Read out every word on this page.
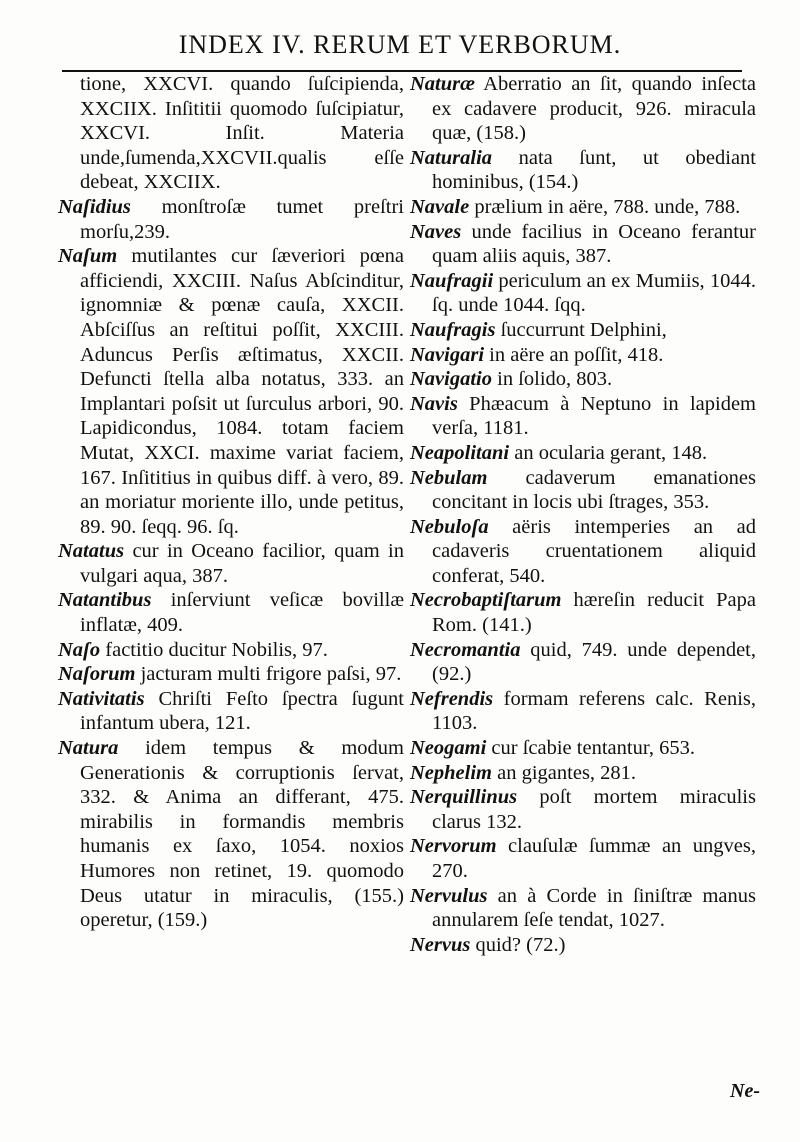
INDEX IV. RERUM ET VERBORUM.
tione, XXCVI. quando ſuſcipienda, XXCIIX. Inſititii quomodo ſuſcipiatur, XXCVI. Inſit. Materia unde,ſumenda,XXCVII.qualis eſſe debeat, XXCIIX.
Naſidius monſtroſæ tumet preſtri morſu,239.
Naſum mutilantes cur ſæveriori pœna afficiendi, XXCIII. Naſus Abſcinditur, ignomniæ & pœnæ cauſa, XXCII. Abſciſſus an reſtitui poſſit, XXCIII. Aduncus Perſis æſtimatus, XXCII. Defuncti ſtella alba notatus, 333. an Implantari poſsit ut ſurculus arbori, 90. Lapidicondus, 1084. totam faciem Mutat, XXCI. maxime variat faciem, 167. Inſititius in quibus diff. à vero, 89. an moriatur moriente illo, unde petitus, 89. 90. ſeqq. 96. ſq.
Natatus cur in Oceano facilior, quam in vulgari aqua, 387.
Natantibus inſerviunt veſicæ bovillæ inflatæ, 409.
Naſo factitio ducitur Nobilis, 97.
Naſorum jacturam multi frigore paſsi, 97.
Nativitatis Chriſti Feſto ſpectra ſugunt infantum ubera, 121.
Natura idem tempus & modum Generationis & corruptionis ſervat, 332. & Anima an differant, 475. mirabilis in formandis membris humanis ex ſaxo, 1054. noxios Humores non retinet, 19. quomodo Deus utatur in miraculis, (155.) operetur, (159.)
Naturæ Aberratio an ſit, quando inſecta ex cadavere producit, 926. miracula quæ, (158.)
Naturalia nata ſunt, ut obediant hominibus, (154.)
Navale prælium in aëre, 788. unde, 788.
Naves unde facilius in Oceano ferantur quam aliis aquis, 387.
Naufragii periculum an ex Mumiis, 1044. ſq. unde 1044. ſqq.
Naufragis ſuccurrunt Delphini,
Navigari in aëre an poſſit, 418.
Navigatio in ſolido, 803.
Navis Phæacum à Neptuno in lapidem verſa, 1181.
Neapolitani an ocularia gerant, 148.
Nebulam cadaverum emanationes concitant in locis ubi ſtrages, 353.
Nebuloſa aëris intemperies an ad cadaveris cruentationem aliquid conferat, 540.
Necrobaptiſtarum hæreſin reducit Papa Rom. (141.)
Necromantia quid, 749. unde dependet, (92.)
Nefrendis formam referens calc. Renis, 1103.
Neogami cur ſcabie tentantur, 653.
Nephelim an gigantes, 281.
Nerquillinus poſt mortem miraculis clarus 132.
Nervorum clauſulæ ſummæ an ungves, 270.
Nervulus an à Corde in ſiniſtræ manus annularem ſeſe tendat, 1027.
Nervus quid? (72.)
Ne-
